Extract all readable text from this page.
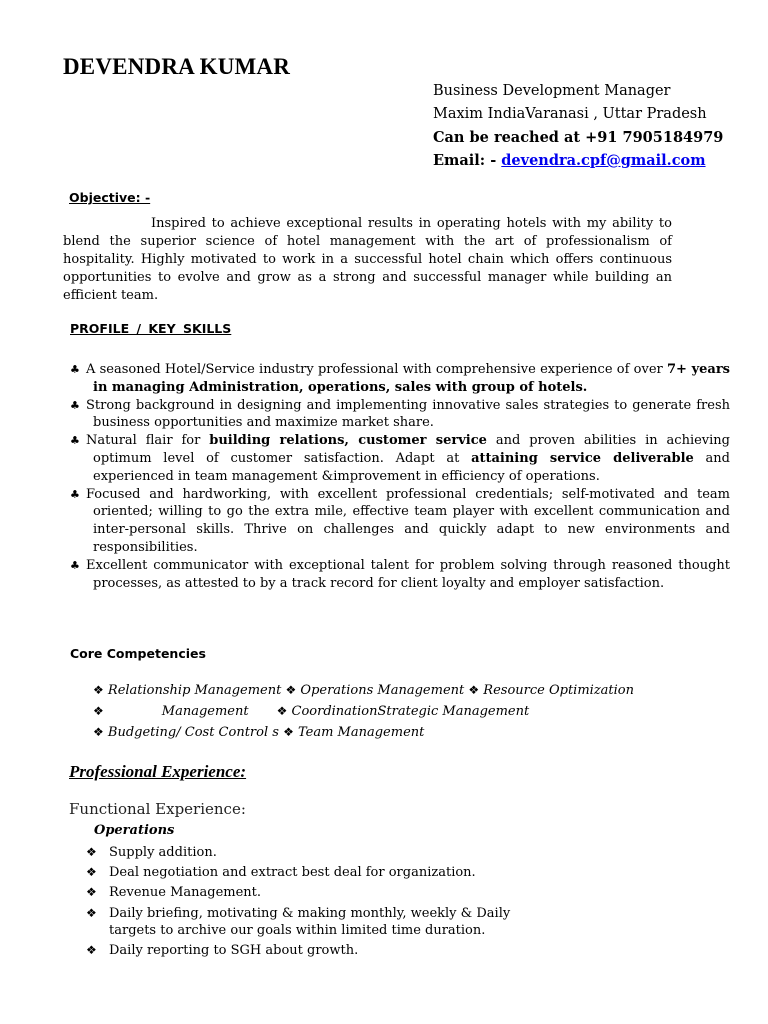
DEVENDRA KUMAR
Business Development Manager
Maxim IndiaVaranasi , Uttar Pradesh
Can be reached at +91 7905184979
Email: - devendra.cpf@gmail.com
Objective: -
Inspired to achieve exceptional results in operating hotels with my ability to blend the superior science of hotel management with the art of professionalism of hospitality. Highly motivated to work in a successful hotel chain which offers continuous opportunities to evolve and grow as a strong and successful manager while building an efficient team.
PROFILE / KEY SKILLS
♣ A seasoned Hotel/Service industry professional with comprehensive experience of over 7+ years in managing Administration, operations, sales with group of hotels.
♣ Strong background in designing and implementing innovative sales strategies to generate fresh business opportunities and maximize market share.
♣ Natural flair for building relations, customer service and proven abilities in achieving optimum level of customer satisfaction. Adapt at attaining service deliverable and experienced in team management &improvement in efficiency of operations.
♣ Focused and hardworking, with excellent professional credentials; self-motivated and team oriented; willing to go the extra mile, effective team player with excellent communication and inter-personal skills. Thrive on challenges and quickly adapt to new environments and responsibilities.
♣ Excellent communicator with exceptional talent for problem solving through reasoned thought processes, as attested to by a track record for client loyalty and employer satisfaction.
Core Competencies
❖ Relationship Management ❖ Operations Management ❖ Resource Optimization
❖	Management ❖ CoordinationStrategic Management
❖ Budgeting/ Cost Control s ❖ Team Management
Professional Experience:
Functional Experience:
Operations
❖ Supply addition.
❖ Deal negotiation and extract best deal for organization.
❖ Revenue Management.
❖ Daily briefing, motivating & making monthly, weekly & Daily targets to archive our goals within limited time duration.
❖ Daily reporting to SGH about growth.
